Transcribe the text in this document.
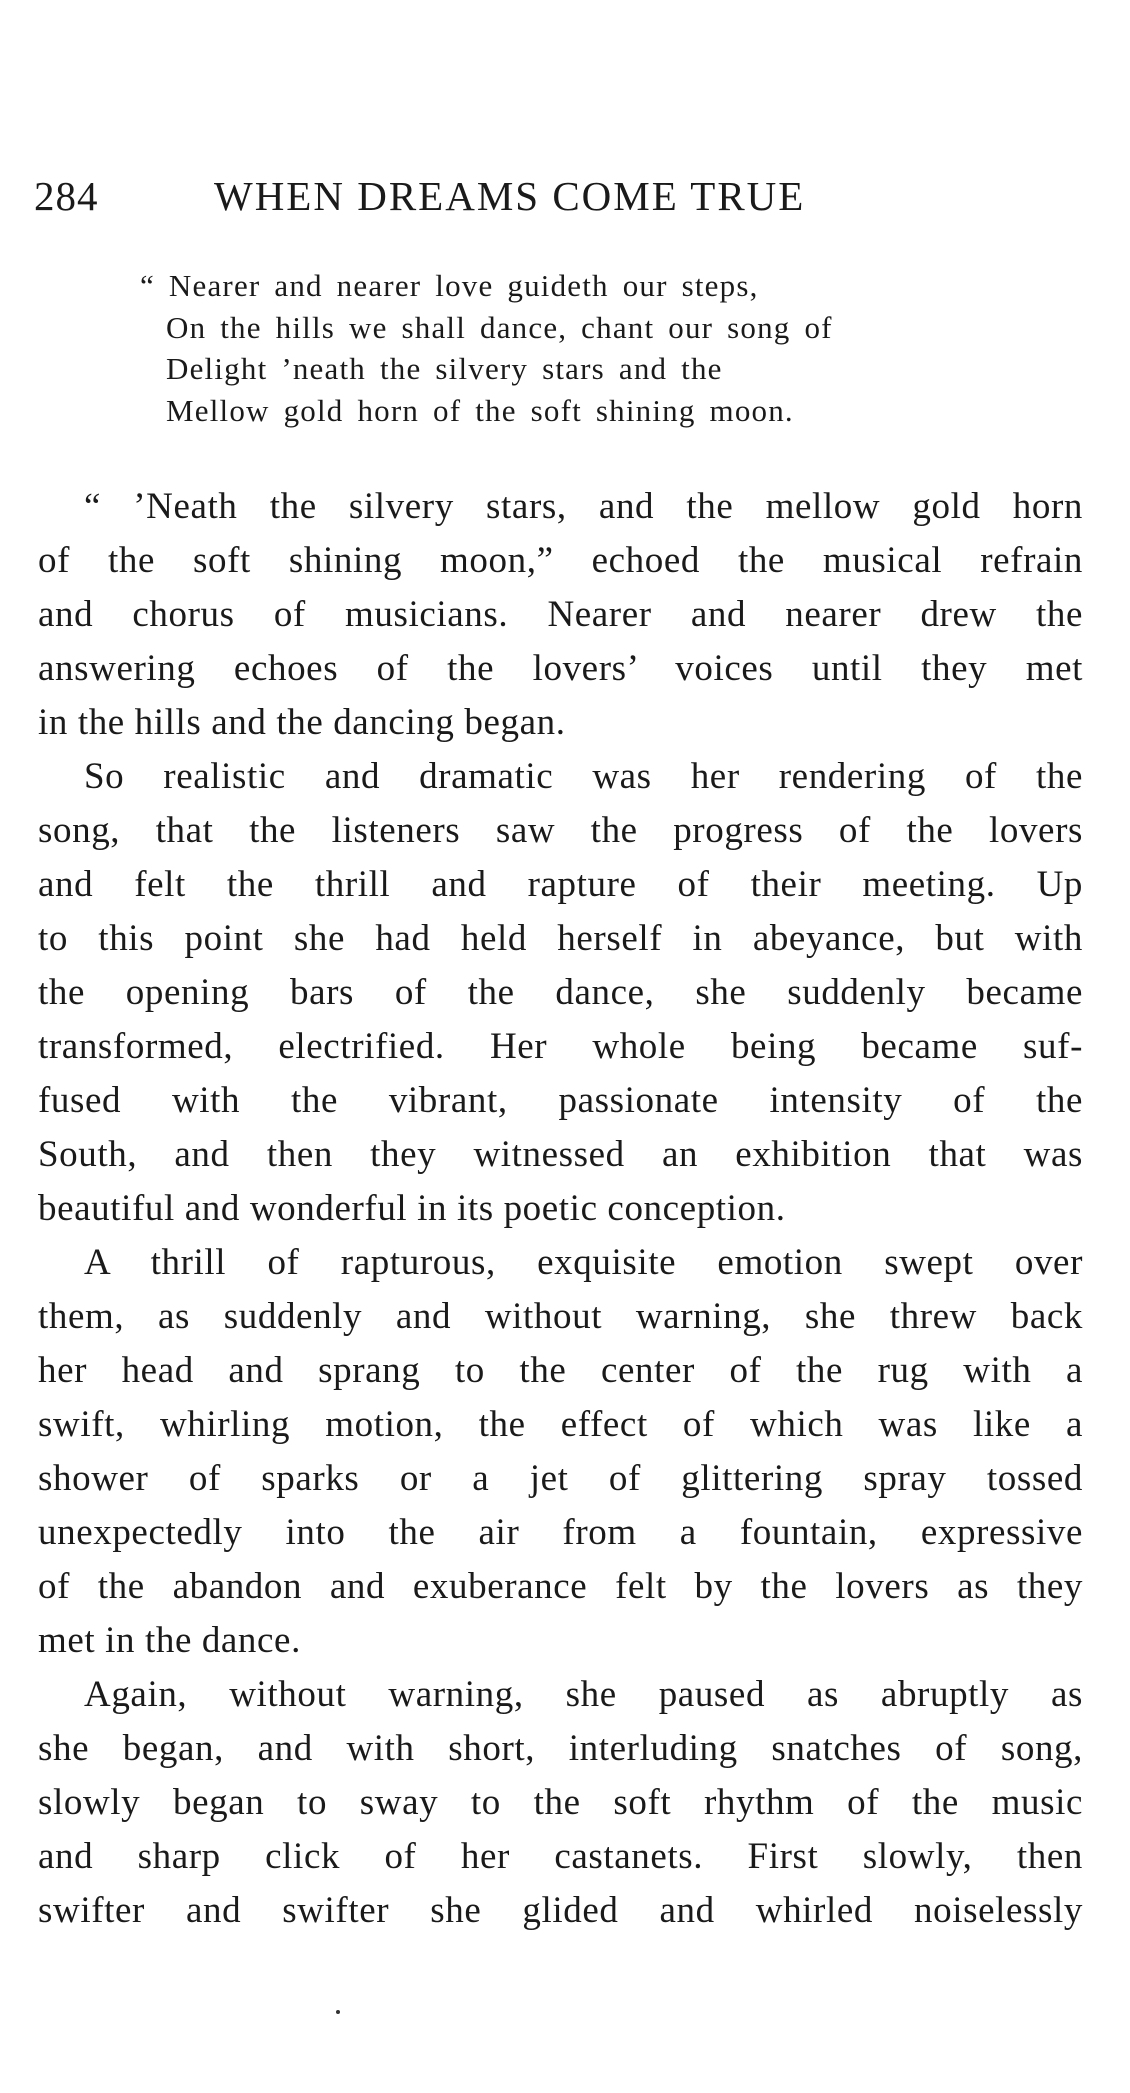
284	WHEN DREAMS COME TRUE
“ Nearer and nearer love guideth our steps,
On the hills we shall dance, chant our song of
Delight ’neath the silvery stars and the
Mellow gold horn of the soft shining moon.
“ ’Neath the silvery stars, and the mellow gold horn
of the soft shining moon,” echoed the musical refrain
and chorus of musicians. Nearer and nearer drew the
answering echoes of the lovers’ voices until they met
in the hills and the dancing began.
So realistic and dramatic was her rendering of the
song, that the listeners saw the progress of the lovers
and felt the thrill and rapture of their meeting. Up
to this point she had held herself in abeyance, but with
the opening bars of the dance, she suddenly became
transformed, electrified. Her whole being became suf-
fused with the vibrant, passionate intensity of the
South, and then they witnessed an exhibition that was
beautiful and wonderful in its poetic conception.
A thrill of rapturous, exquisite emotion swept over
them, as suddenly and without warning, she threw back
her head and sprang to the center of the rug with a
swift, whirling motion, the effect of which was like a
shower of sparks or a jet of glittering spray tossed
unexpectedly into the air from a fountain, expressive
of the abandon and exuberance felt by the lovers as they
met in the dance.
Again, without warning, she paused as abruptly as
she began, and with short, interluding snatches of song,
slowly began to sway to the soft rhythm of the music
and sharp click of her castanets. First slowly, then
swifter and swifter she glided and whirled noiselessly
